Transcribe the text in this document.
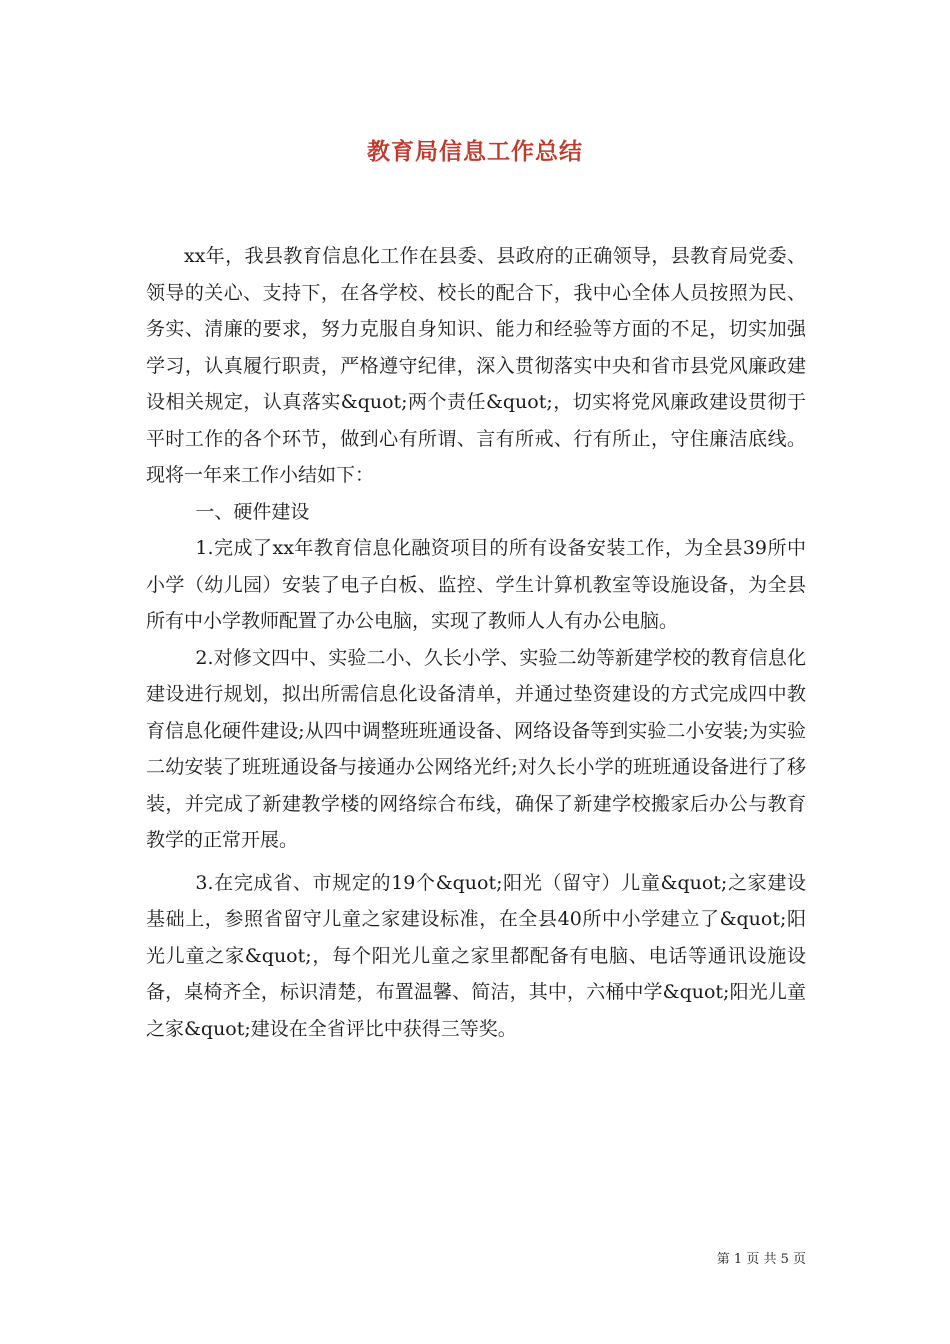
教育局信息工作总结

xx年，我县教育信息化工作在县委、县政府的正确领导，县教育局党委、领导的关心、支持下，在各学校、校长的配合下，我中心全体人员按照为民、务实、清廉的要求，努力克服自身知识、能力和经验等方面的不足，切实加强学习，认真履行职责，严格遵守纪律，深入贯彻落实中央和省市县党风廉政建设相关规定，认真落实&quot;两个责任&quot;，切实将党风廉政建设贯彻于平时工作的各个环节，做到心有所谓、言有所戒、行有所止，守住廉洁底线。现将一年来工作小结如下：

一、硬件建设

1.完成了xx年教育信息化融资项目的所有设备安装工作，为全县39所中小学（幼儿园）安装了电子白板、监控、学生计算机教室等设施设备，为全县所有中小学教师配置了办公电脑，实现了教师人人有办公电脑。

2.对修文四中、实验二小、久长小学、实验二幼等新建学校的教育信息化建设进行规划，拟出所需信息化设备清单，并通过垫资建设的方式完成四中教育信息化硬件建设;从四中调整班班通设备、网络设备等到实验二小安装;为实验二幼安装了班班通设备与接通办公网络光纤;对久长小学的班班通设备进行了移装，并完成了新建教学楼的网络综合布线，确保了新建学校搬家后办公与教育教学的正常开展。

3.在完成省、市规定的19个&quot;阳光（留守）儿童&quot;之家建设基础上，参照省留守儿童之家建设标准，在全县40所中小学建立了&quot;阳光儿童之家&quot;，每个阳光儿童之家里都配备有电脑、电话等通讯设施设备，桌椅齐全，标识清楚，布置温馨、简洁，其中，六桶中学&quot;阳光儿童之家&quot;建设在全省评比中获得三等奖。

第 1 页 共 5 页
